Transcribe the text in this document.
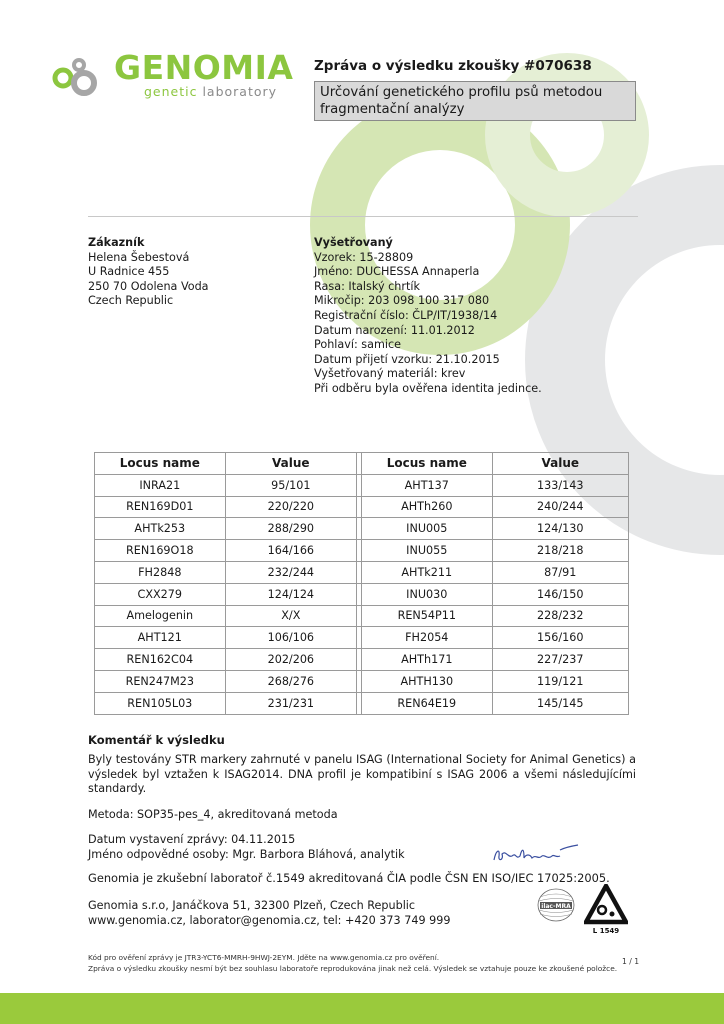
GENOMIA
genetic laboratory
Zpráva o výsledku zkoušky #070638
Určování genetického profilu psů metodou fragmentační analýzy
Zákazník
Helena Šebestová
U Radnice 455
250 70 Odolena Voda
Czech Republic
Vyšetřovaný
Vzorek: 15-28809
Jméno: DUCHESSA Annaperla
Rasa: Italský chrtík
Mikročip: 203 098 100 317 080
Registrační číslo: ČLP/IT/1938/14
Datum narození: 11.01.2012
Pohlaví: samice
Datum přijetí vzorku: 21.10.2015
Vyšetřovaný materiál: krev
Při odběru byla ověřena identita jedince.
Locus name	Value		Locus name	Value
INRA21	95/101		AHT137	133/143
REN169D01	220/220		AHTh260	240/244
AHTk253	288/290		INU005	124/130
REN169O18	164/166		INU055	218/218
FH2848	232/244		AHTk211	87/91
CXX279	124/124		INU030	146/150
Amelogenin	X/X		REN54P11	228/232
AHT121	106/106		FH2054	156/160
REN162C04	202/206		AHTh171	227/237
REN247M23	268/276		AHTH130	119/121
REN105L03	231/231		REN64E19	145/145
Komentář k výsledku
Byly testovány STR markery zahrnuté v panelu ISAG (International Society for Animal Genetics) a výsledek byl vztažen k ISAG2014. DNA profil je kompatibiní s ISAG 2006 a všemi následujícími standardy.
Metoda: SOP35-pes_4, akreditovaná metoda
Datum vystavení zprávy: 04.11.2015
Jméno odpovědné osoby: Mgr. Barbora Bláhová, analytik
Genomia je zkušební laboratoř č.1549 akreditovaná ČIA podle ČSN EN ISO/IEC 17025:2005.
Genomia s.r.o, Janáčkova 51, 32300 Plzeň, Czech Republic
www.genomia.cz, laborator@genomia.cz, tel: +420 373 749 999
ilac-MRA
L 1549
Kód pro ověření zprávy je JTR3-YCT6-MMRH-9HWJ-2EYM. Jděte na www.genomia.cz pro ověření.
Zpráva o výsledku zkoušky nesmí být bez souhlasu laboratoře reprodukována jinak než celá. Výsledek se vztahuje pouze ke zkoušené položce.
1 / 1
